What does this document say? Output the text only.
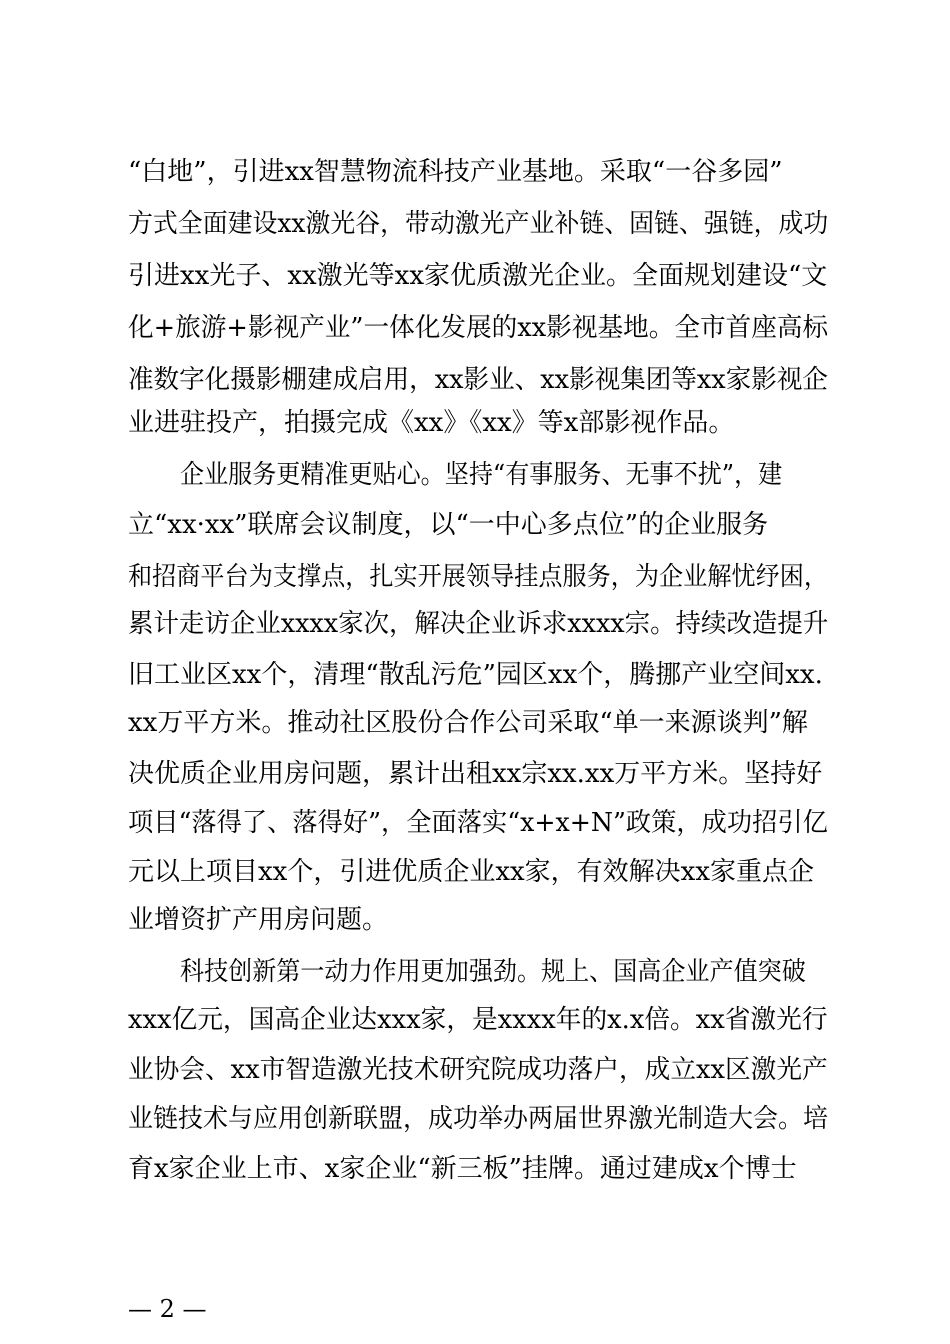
“白地”，引进xx智慧物流科技产业基地。采取“一谷多园”
方式全面建设xx激光谷，带动激光产业补链、固链、强链，成功
引进xx光子、xx激光等xx家优质激光企业。全面规划建设“文
化+旅游+影视产业”一体化发展的xx影视基地。全市首座高标
准数字化摄影棚建成启用，xx影业、xx影视集团等xx家影视企
业进驻投产，拍摄完成《xx》《xx》等x部影视作品。
企业服务更精准更贴心。坚持“有事服务、无事不扰”，建
立“xx·xx”联席会议制度，以“一中心多点位”的企业服务
和招商平台为支撑点，扎实开展领导挂点服务，为企业解忧纾困，
累计走访企业xxxx家次，解决企业诉求xxxx宗。持续改造提升
旧工业区xx个，清理“散乱污危”园区xx个，腾挪产业空间xx.
xx万平方米。推动社区股份合作公司采取“单一来源谈判”解
决优质企业用房问题，累计出租xx宗xx.xx万平方米。坚持好
项目“落得了、落得好”，全面落实“x+x+N”政策，成功招引亿
元以上项目xx个，引进优质企业xx家，有效解决xx家重点企
业增资扩产用房问题。
科技创新第一动力作用更加强劲。规上、国高企业产值突破
xxx亿元，国高企业达xxx家，是xxxx年的x.x倍。xx省激光行
业协会、xx市智造激光技术研究院成功落户，成立xx区激光产
业链技术与应用创新联盟，成功举办两届世界激光制造大会。培
育x家企业上市、x家企业“新三板”挂牌。通过建成x个博士
— 2 —
